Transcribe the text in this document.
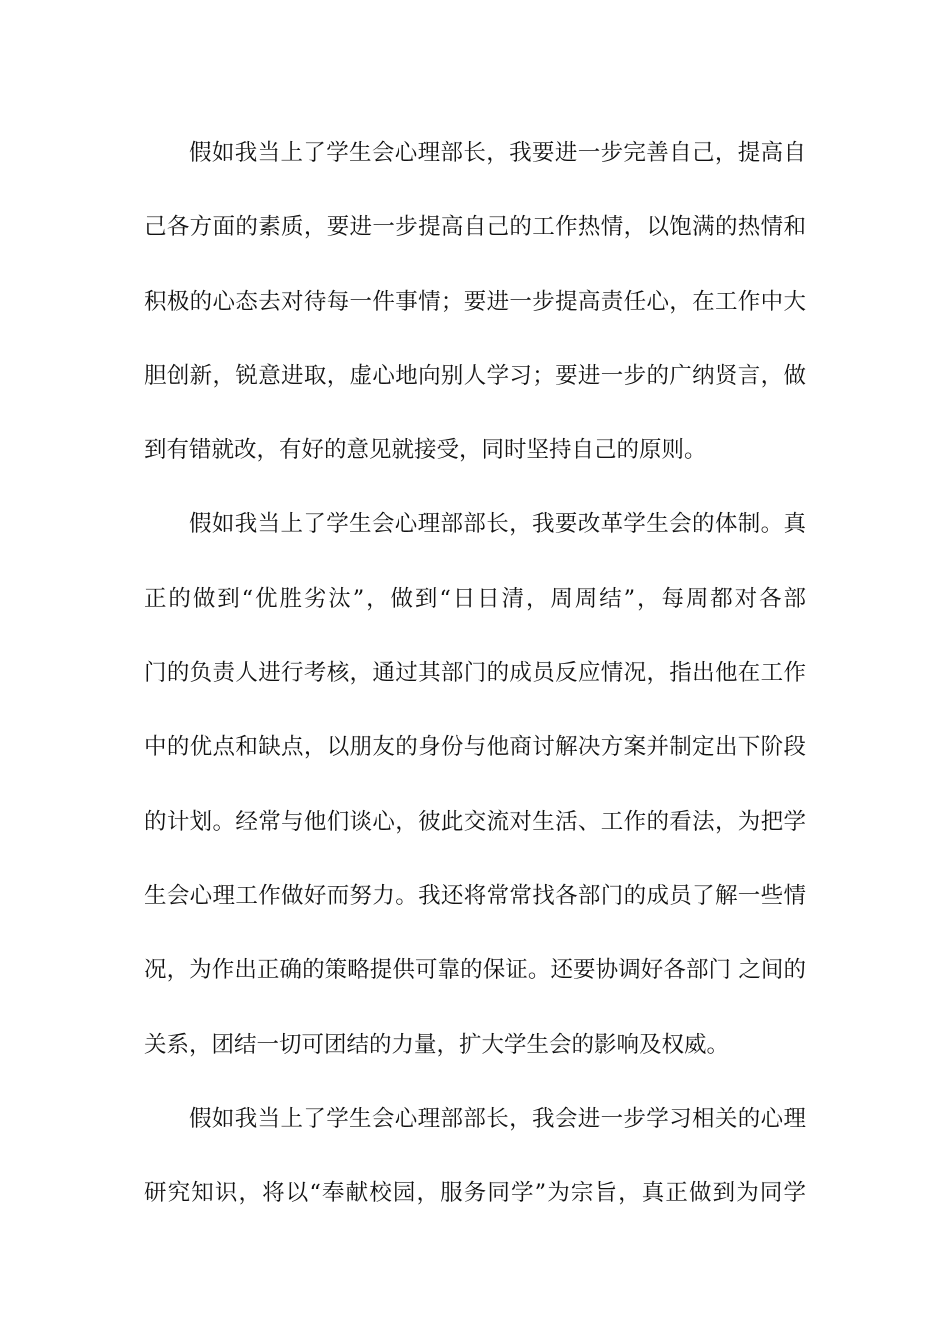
假如我当上了学生会心理部长，我要进一步完善自己，提高自
己各方面的素质，要进一步提高自己的工作热情，以饱满的热情和
积极的心态去对待每一件事情；要进一步提高责任心，在工作中大
胆创新，锐意进取，虚心地向别人学习；要进一步的广纳贤言，做
到有错就改，有好的意见就接受，同时坚持自己的原则。
假如我当上了学生会心理部部长，我要改革学生会的体制。真
正的做到“优胜劣汰”，做到“日日清，周周结”，每周都对各部
门的负责人进行考核，通过其部门的成员反应情况，指出他在工作
中的优点和缺点，以朋友的身份与他商讨解决方案并制定出下阶段
的计划。经常与他们谈心，彼此交流对生活、工作的看法，为把学
生会心理工作做好而努力。我还将常常找各部门的成员了解一些情
况，为作出正确的策略提供可靠的保证。还要协调好各部门 之间的
关系，团结一切可团结的力量，扩大学生会的影响及权威。
假如我当上了学生会心理部部长，我会进一步学习相关的心理
研究知识，将以“奉献校园，服务同学”为宗旨，真正做到为同学
